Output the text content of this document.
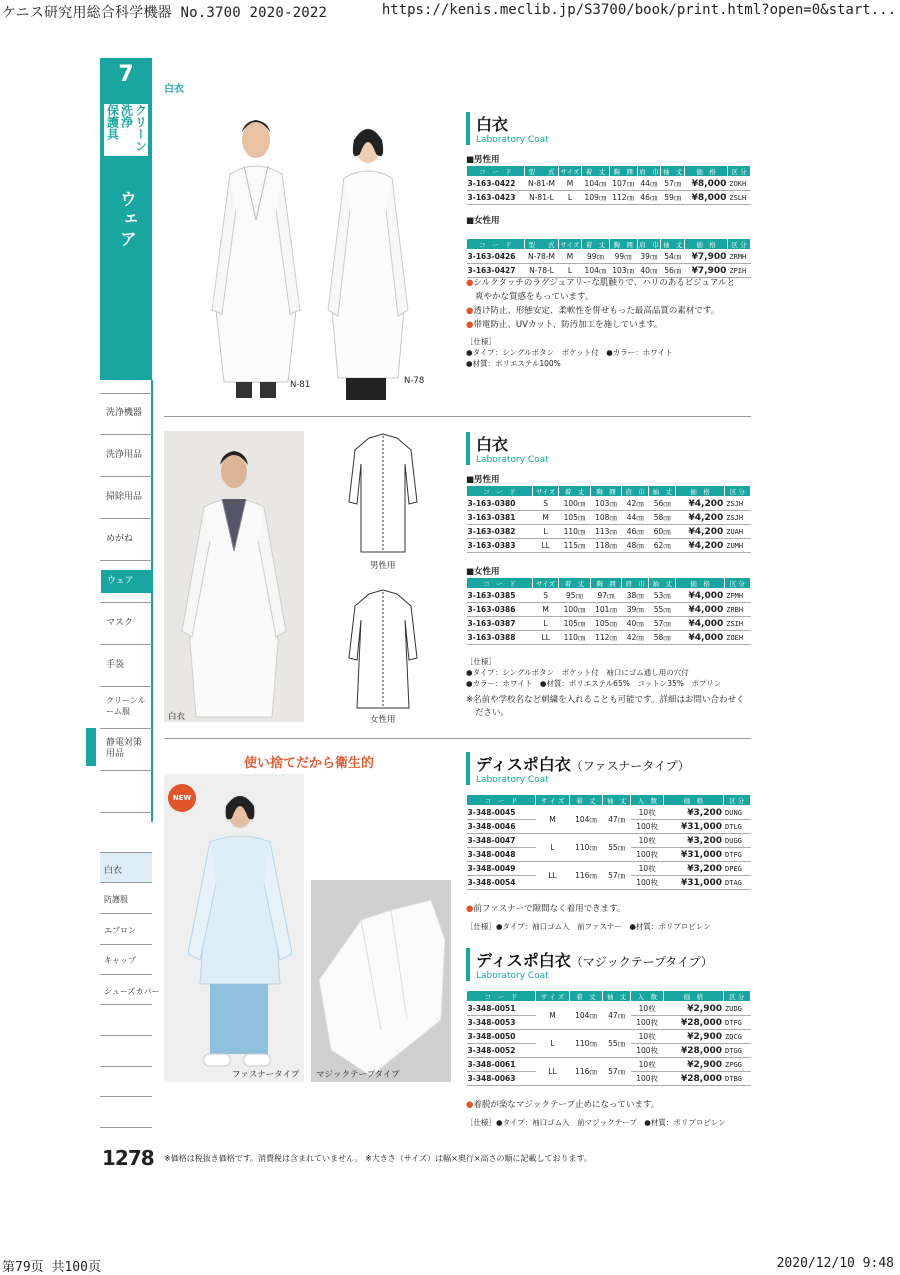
ケニス研究用総合科学機器 No.3700 2020-2022	https://kenis.meclib.jp/S3700/book/print.html?open=0&start...
第79页 共100页	2020/12/10 9:48
7
クリーン
洗浄
保護具
ウェア
洗浄機器
洗浄用品
掃除用品
めがね
ウェア
マスク
手袋
クリーンルーム服
静電対策用品
白衣
防護服
エプロン
キャップ
シューズカバー
1278 ※価格は税抜き価格です。消費税は含まれていません。 ※大きさ（サイズ）は幅×奥行×高さの順に記載しております。
白衣
N-81	N-78
白衣
Laboratory Coat
■男性用
コ　ー　ド	型　　式	サイズ	着　丈	胸　囲	肩　巾	袖　丈	価　格	区 分
3-163-0422	N-81-M	M	104㎝	107㎝	44㎝	57㎝	¥8,000	ZOKH
3-163-0423	N-81-L	L	109㎝	112㎝	46㎝	59㎝	¥8,000	ZSLH
■女性用
コ　ー　ド	型　　式	サイズ	着　丈	胸　囲	肩　巾	袖　丈	価　格	区 分
3-163-0426	N-78-M	M	99㎝	99㎝	39㎝	54㎝	¥7,900	ZRMH
3-163-0427	N-78-L	L	104㎝	103㎝	40㎝	56㎝	¥7,900	ZPIH
●シルクタッチのラグジュアリーな肌触りで、ハリのあるビジュアルと
爽やかな質感をもっています。
●透け防止、形態安定、柔軟性を併せもった最高品質の素材です。
●帯電防止、UVカット、防汚加工を施しています。
［仕様］
●タイプ：シングルボタン　ポケット付　●カラー：ホワイト
●材質：ポリエステル100%
白衣
男性用
女性用
白衣
Laboratory Coat
■男性用
コ　ー　ド	サイズ	着　丈	胸　囲	肩　巾	袖　丈	価　格	区 分
3-163-0380	S	100㎝	103㎝	42㎝	56㎝	¥4,200	ZSJH
3-163-0381	M	105㎝	108㎝	44㎝	58㎝	¥4,200	ZSJH
3-163-0382	L	110㎝	113㎝	46㎝	60㎝	¥4,200	ZUAH
3-163-0383	LL	115㎝	118㎝	48㎝	62㎝	¥4,200	ZUMH
■女性用
コ　ー　ド	サイズ	着　丈	胸　囲	肩　巾	袖　丈	価　格	区 分
3-163-0385	S	95㎝	97㎝	38㎝	53㎝	¥4,000	ZPMH
3-163-0386	M	100㎝	101㎝	39㎝	55㎝	¥4,000	ZRBH
3-163-0387	L	105㎝	105㎝	40㎝	57㎝	¥4,000	ZSIH
3-163-0388	LL	110㎝	112㎝	42㎝	58㎝	¥4,000	ZOEH
［仕様］
●タイプ：シングルボタン　ポケット付　袖口にゴム通し用の穴付
●カラー：ホワイト　●材質：ポリエステル65%　コットン35%　ポプリン
※名前や学校名など刺繍を入れることも可能です。詳細はお問い合わせく
ださい。
使い捨てだから衛生的
NEW
ファスナータイプ マジックテープタイプ
ディスポ白衣（ファスナータイプ）
Laboratory Coat
コ　ー　ド	サ イ ズ	着　丈	袖　丈	入　数	価　格	区 分
3-348-0045	M	104㎝	47㎝	10枚	¥3,200	DUNG
3-348-0046				100枚	¥31,000	DTLG
3-348-0047	L	110㎝	55㎝	10枚	¥3,200	DUGG
3-348-0048				100枚	¥31,000	DTFG
3-348-0049	LL	116㎝	57㎝	10枚	¥3,200	DPEG
3-348-0054				100枚	¥31,000	DTAG
●前ファスナーで隙間なく着用できます。
［仕様］●タイプ：袖口ゴム入　前ファスナー　●材質：ポリプロピレン
ディスポ白衣（マジックテープタイプ）
Laboratory Coat
コ　ー　ド	サ イ ズ	着　丈	袖　丈	入　数	価　格	区 分
3-348-0051	M	104㎝	47㎝	10枚	¥2,900	ZUDG
3-348-0053				100枚	¥28,000	DTFG
3-348-0050	L	110㎝	55㎝	10枚	¥2,900	ZQCG
3-348-0052				100枚	¥28,000	DTGG
3-348-0061	LL	116㎝	57㎝	10枚	¥2,900	ZPGG
3-348-0063				100枚	¥28,000	DTBG
●着脱が楽なマジックテープ止めになっています。
［仕様］●タイプ：袖口ゴム入　前マジックテープ　●材質：ポリプロピレン
